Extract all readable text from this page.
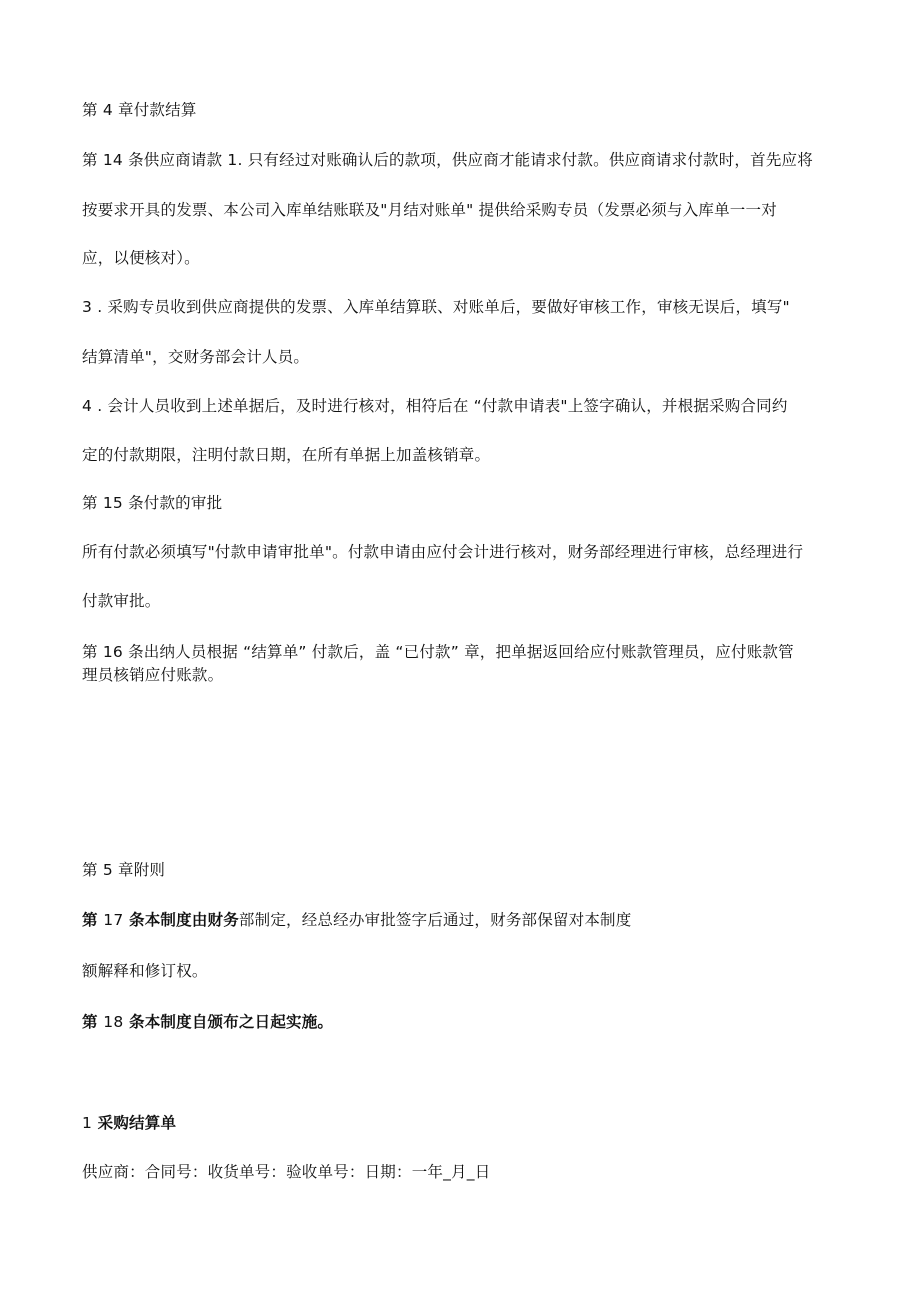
第 4 章付款结算
第 14 条供应商请款 1. 只有经过对账确认后的款项，供应商才能请求付款。供应商请求付款时，首先应将
按要求开具的发票、本公司入库单结账联及"月结对账单" 提供给采购专员（发票必须与入库单一一对
应，以便核对）。
3 . 采购专员收到供应商提供的发票、入库单结算联、对账单后，要做好审核工作，审核无误后，填写"
结算清单"，交财务部会计人员。
4 . 会计人员收到上述单据后，及时进行核对，相符后在 “付款申请表"上签字确认，并根据采购合同约
定的付款期限，注明付款日期，在所有单据上加盖核销章。
第 15 条付款的审批
所有付款必须填写"付款申请审批单"。付款申请由应付会计进行核对，财务部经理进行审核，总经理进行
付款审批。
第 16 条出纳人员根据 “结算单” 付款后，盖 “已付款” 章，把单据返回给应付账款管理员，应付账款管
理员核销应付账款。
第 5 章附则
第 17 条本制度由财务部制定，经总经办审批签字后通过，财务部保留对本制度
额解释和修订权。
第 18 条本制度自颁布之日起实施。
1 采购结算单
供应商：合同号：收货单号：验收单号：日期：一年_月_日
